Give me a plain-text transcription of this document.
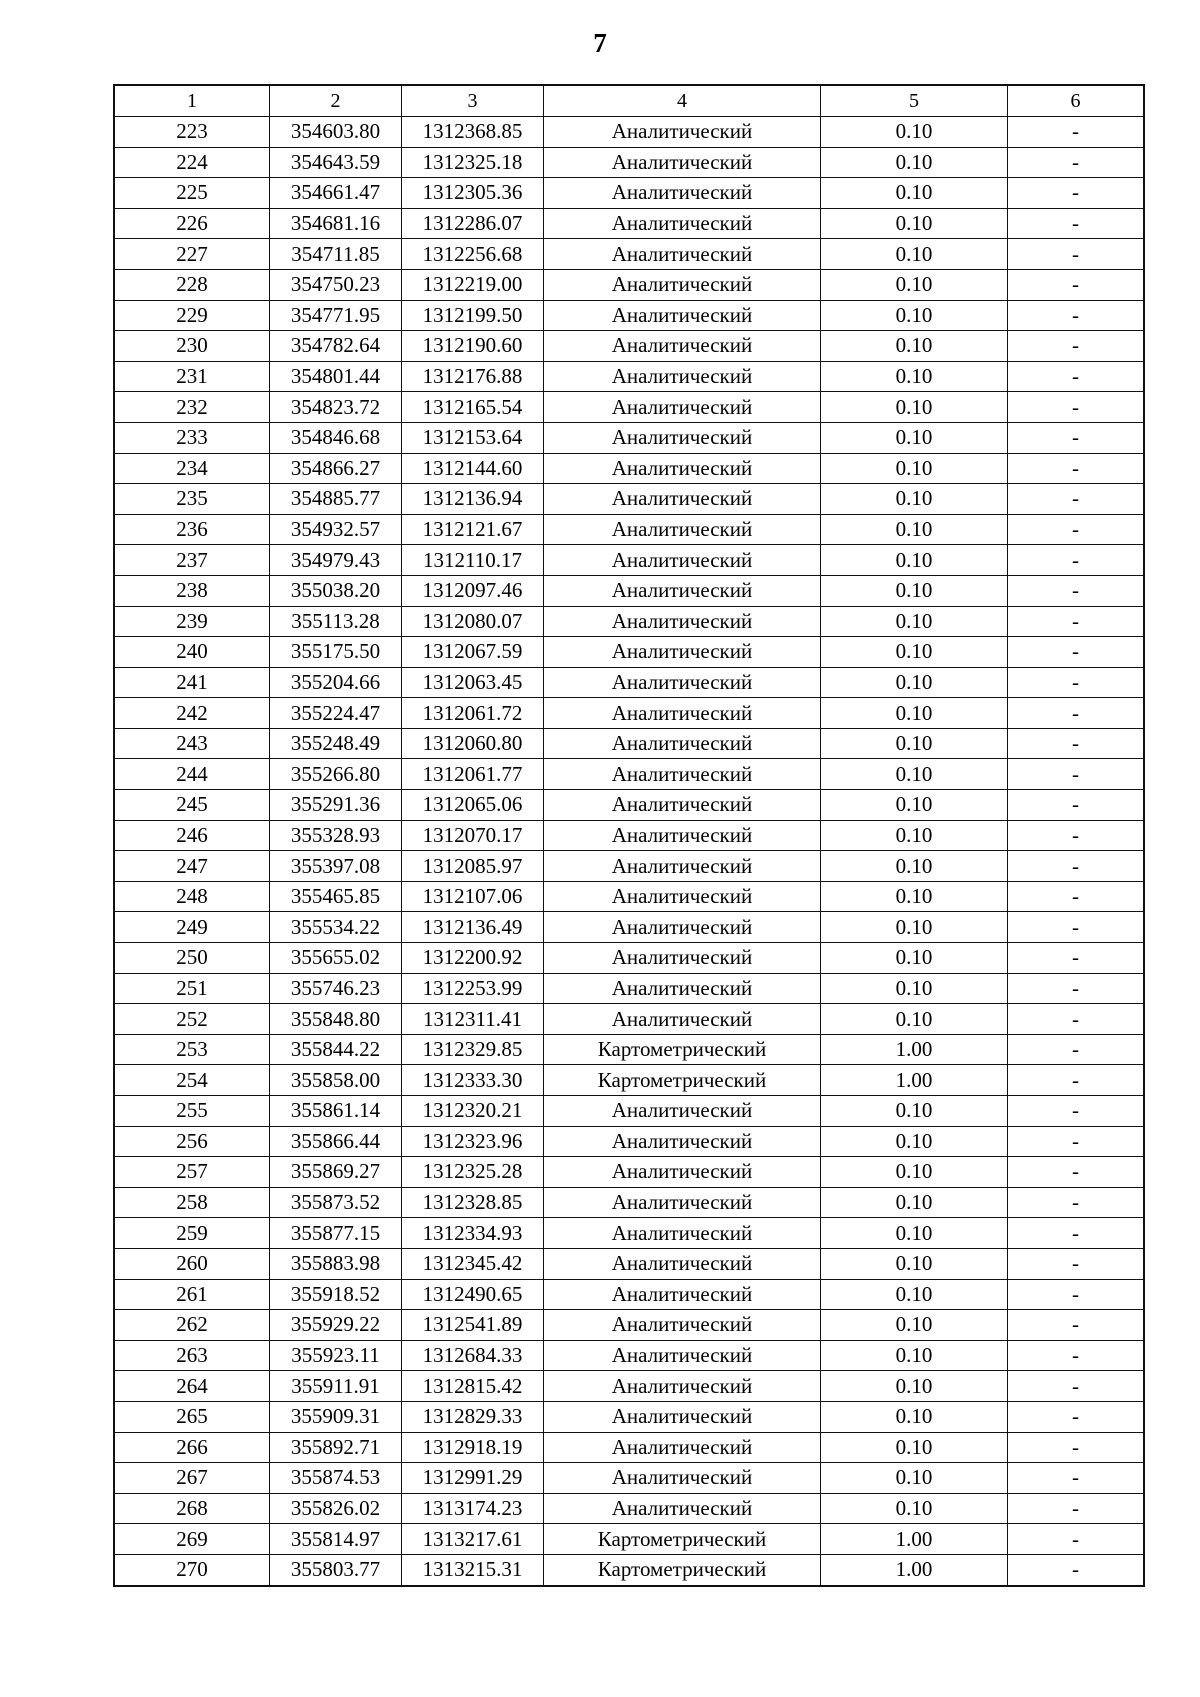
7
1	2	3	4	5	6
223	354603.80	1312368.85	Аналитический	0.10	-
224	354643.59	1312325.18	Аналитический	0.10	-
225	354661.47	1312305.36	Аналитический	0.10	-
226	354681.16	1312286.07	Аналитический	0.10	-
227	354711.85	1312256.68	Аналитический	0.10	-
228	354750.23	1312219.00	Аналитический	0.10	-
229	354771.95	1312199.50	Аналитический	0.10	-
230	354782.64	1312190.60	Аналитический	0.10	-
231	354801.44	1312176.88	Аналитический	0.10	-
232	354823.72	1312165.54	Аналитический	0.10	-
233	354846.68	1312153.64	Аналитический	0.10	-
234	354866.27	1312144.60	Аналитический	0.10	-
235	354885.77	1312136.94	Аналитический	0.10	-
236	354932.57	1312121.67	Аналитический	0.10	-
237	354979.43	1312110.17	Аналитический	0.10	-
238	355038.20	1312097.46	Аналитический	0.10	-
239	355113.28	1312080.07	Аналитический	0.10	-
240	355175.50	1312067.59	Аналитический	0.10	-
241	355204.66	1312063.45	Аналитический	0.10	-
242	355224.47	1312061.72	Аналитический	0.10	-
243	355248.49	1312060.80	Аналитический	0.10	-
244	355266.80	1312061.77	Аналитический	0.10	-
245	355291.36	1312065.06	Аналитический	0.10	-
246	355328.93	1312070.17	Аналитический	0.10	-
247	355397.08	1312085.97	Аналитический	0.10	-
248	355465.85	1312107.06	Аналитический	0.10	-
249	355534.22	1312136.49	Аналитический	0.10	-
250	355655.02	1312200.92	Аналитический	0.10	-
251	355746.23	1312253.99	Аналитический	0.10	-
252	355848.80	1312311.41	Аналитический	0.10	-
253	355844.22	1312329.85	Картометрический	1.00	-
254	355858.00	1312333.30	Картометрический	1.00	-
255	355861.14	1312320.21	Аналитический	0.10	-
256	355866.44	1312323.96	Аналитический	0.10	-
257	355869.27	1312325.28	Аналитический	0.10	-
258	355873.52	1312328.85	Аналитический	0.10	-
259	355877.15	1312334.93	Аналитический	0.10	-
260	355883.98	1312345.42	Аналитический	0.10	-
261	355918.52	1312490.65	Аналитический	0.10	-
262	355929.22	1312541.89	Аналитический	0.10	-
263	355923.11	1312684.33	Аналитический	0.10	-
264	355911.91	1312815.42	Аналитический	0.10	-
265	355909.31	1312829.33	Аналитический	0.10	-
266	355892.71	1312918.19	Аналитический	0.10	-
267	355874.53	1312991.29	Аналитический	0.10	-
268	355826.02	1313174.23	Аналитический	0.10	-
269	355814.97	1313217.61	Картометрический	1.00	-
270	355803.77	1313215.31	Картометрический	1.00	-
